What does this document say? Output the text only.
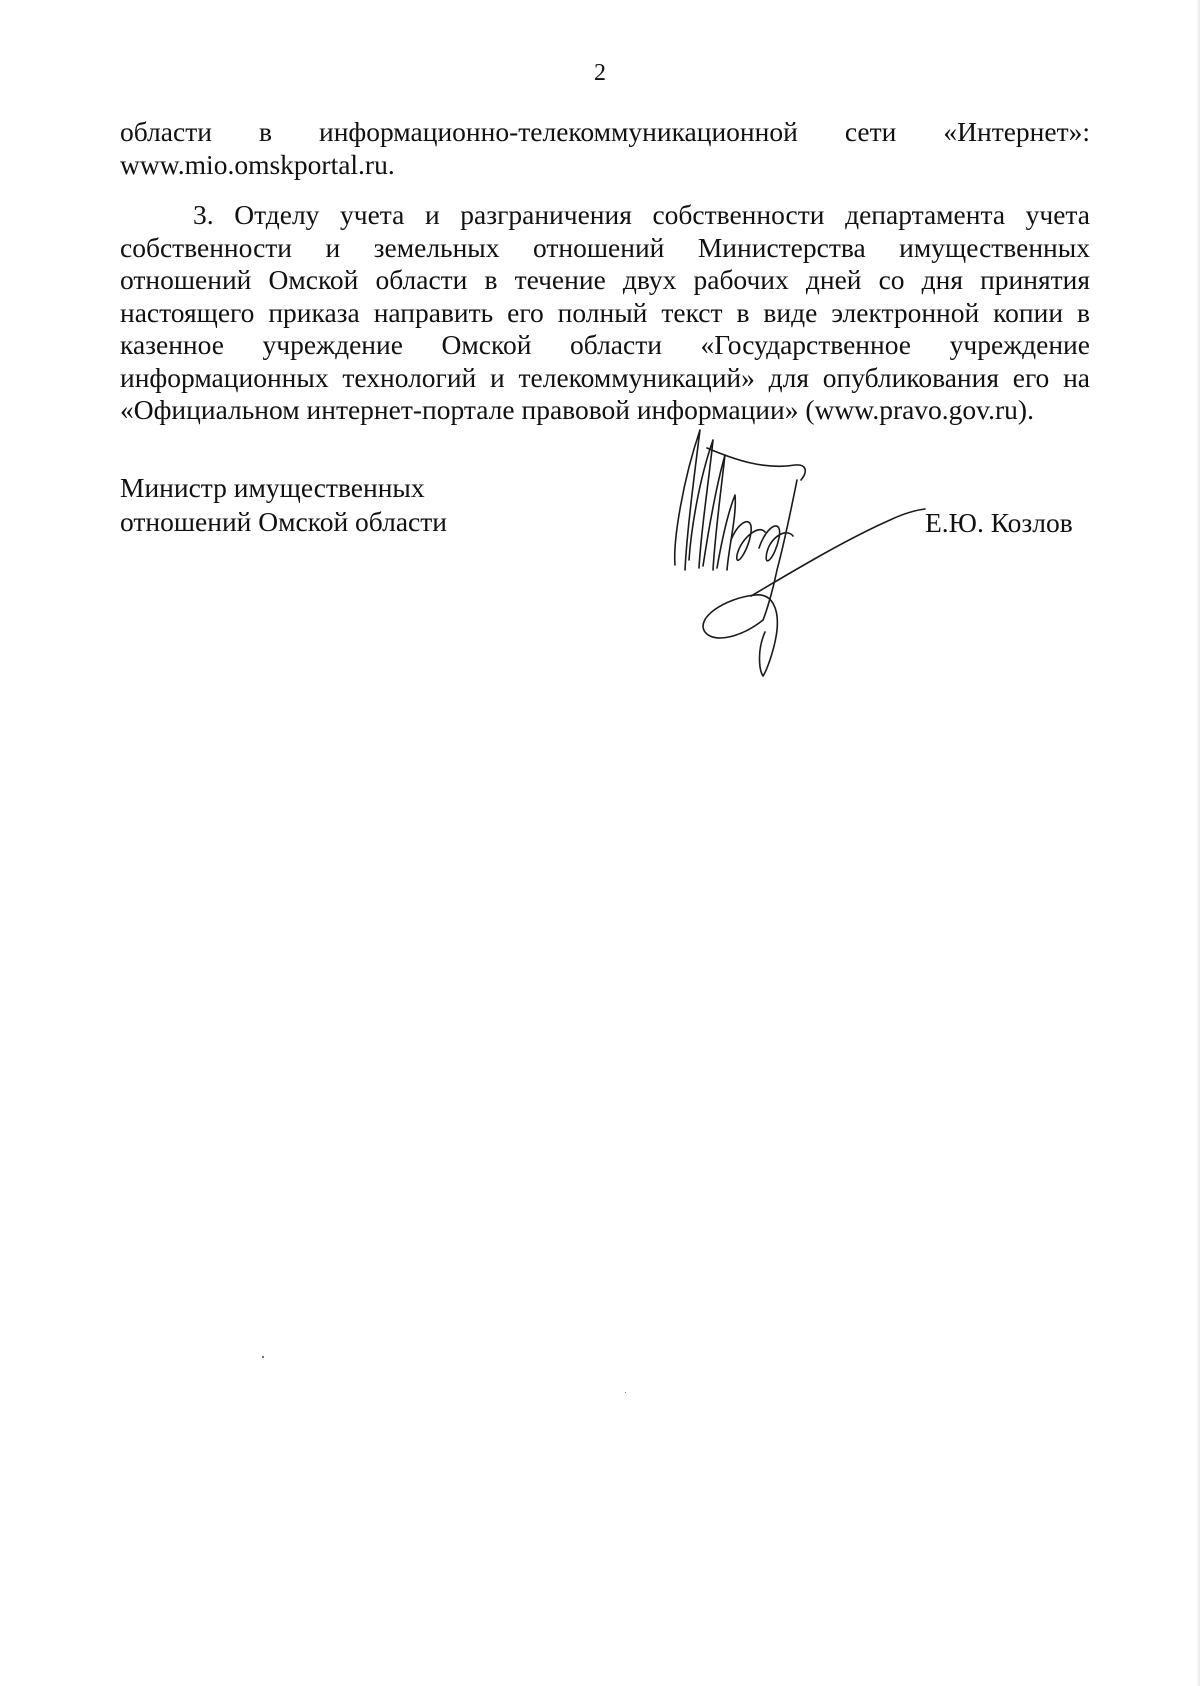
2

области в информационно-телекоммуникационной сети «Интернет»:
www.mio.omskportal.ru.

3. Отделу учета и разграничения собственности департамента учета собственности и земельных отношений Министерства имущественных отношений Омской области в течение двух рабочих дней со дня принятия настоящего приказа направить его полный текст в виде электронной копии в казенное учреждение Омской области «Государственное учреждение информационных технологий и телекоммуникаций» для опубликования его на «Официальном интернет-портале правовой информации» (www.pravo.gov.ru).

Министр имущественных
отношений Омской области	Е.Ю. Козлов
